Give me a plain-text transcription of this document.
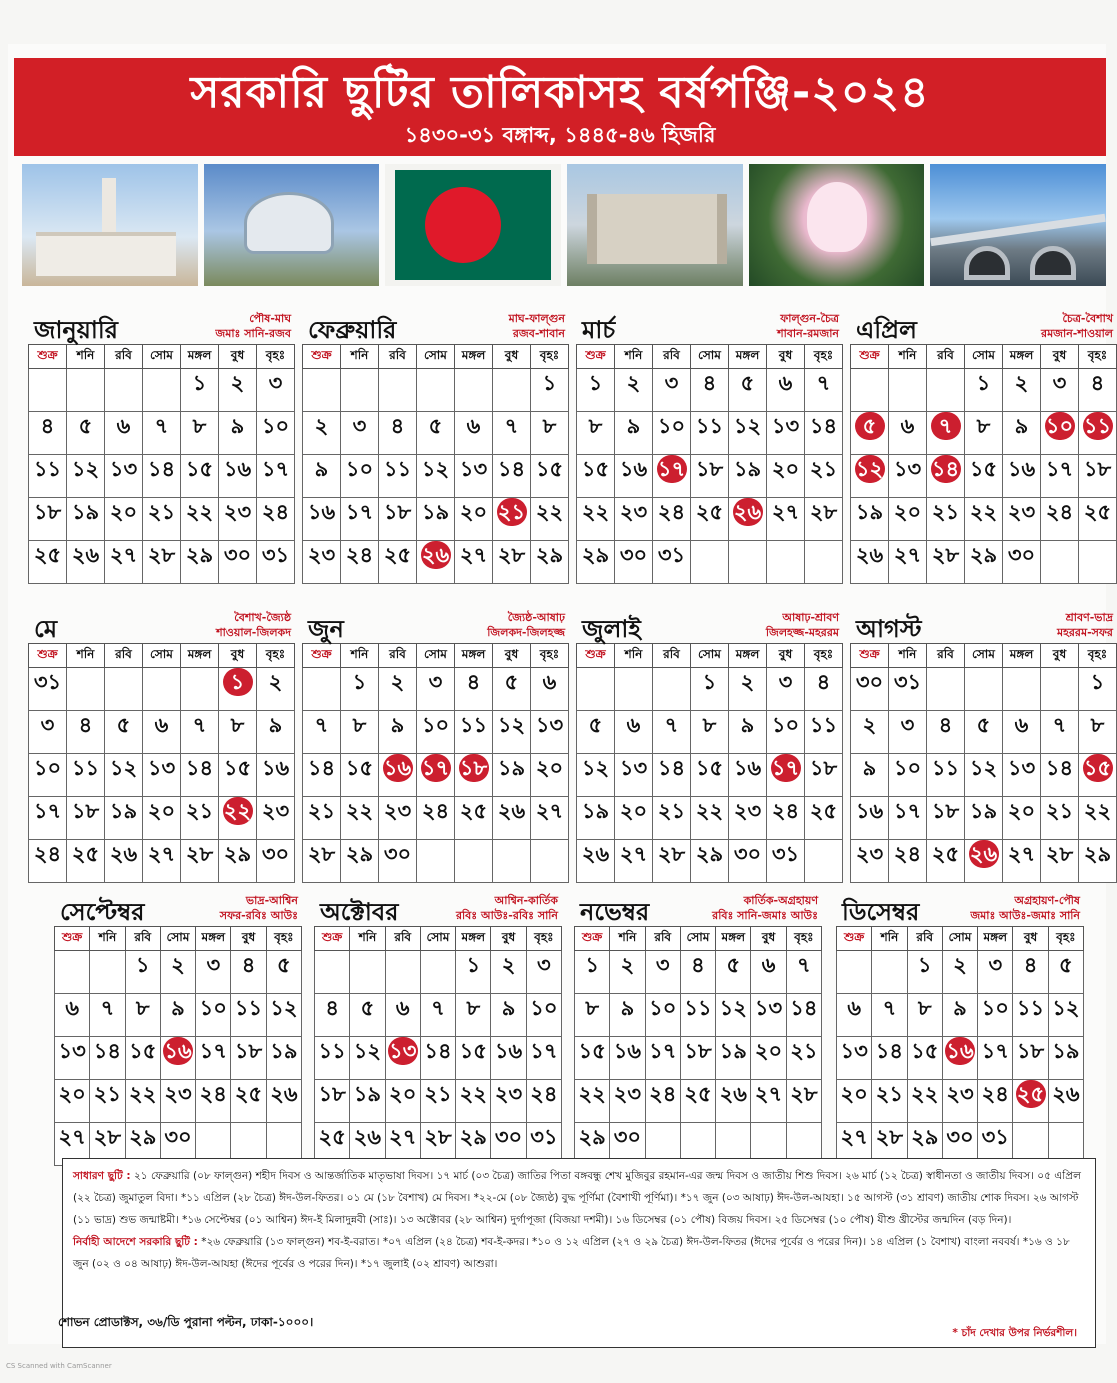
সরকারি ছুটির তালিকাসহ বর্ষপঞ্জি-২০২৪
১৪৩০-৩১ বঙ্গাব্দ, ১৪৪৫-৪৬ হিজরি
জানুয়ারি	পৌষ-মাঘ
জমাঃ সানি-রজব
শুক্র	শনি	রবি	সোম	মঙ্গল	বুধ	বৃহঃ

				১	২	৩

৪	৫	৬	৭	৮	৯	১০

১১	১২	১৩	১৪	১৫	১৬	১৭

১৮	১৯	২০	২১	২২	২৩	২৪

২৫	২৬	২৭	২৮	২৯	৩০	৩১
ফেব্রুয়ারি	মাঘ-ফাল্গুন
রজব-শাবান
শুক্র	শনি	রবি	সোম	মঙ্গল	বুধ	বৃহঃ

						১

২	৩	৪	৫	৬	৭	৮

৯	১০	১১	১২	১৩	১৪	১৫

১৬	১৭	১৮	১৯	২০	২১	২২

২৩	২৪	২৫	২৬	২৭	২৮	২৯
মার্চ	ফাল্গুন-চৈত্র
শাবান-রমজান
শুক্র	শনি	রবি	সোম	মঙ্গল	বুধ	বৃহঃ

১	২	৩	৪	৫	৬	৭

৮	৯	১০	১১	১২	১৩	১৪

১৫	১৬	১৭	১৮	১৯	২০	২১

২২	২৩	২৪	২৫	২৬	২৭	২৮

২৯	৩০	৩১				

এপ্রিল	চৈত্র-বৈশাখ
রমজান-শাওয়াল
শুক্র	শনি	রবি	সোম	মঙ্গল	বুধ	বৃহঃ

			১	২	৩	৪

৫	৬	৭	৮	৯	১০	১১

১২	১৩	১৪	১৫	১৬	১৭	১৮

১৯	২০	২১	২২	২৩	২৪	২৫

২৬	২৭	২৮	২৯	৩০		

মে	বৈশাখ-জ্যৈষ্ঠ
শাওয়াল-জিলকদ
শুক্র	শনি	রবি	সোম	মঙ্গল	বুধ	বৃহঃ

৩১					১	২

৩	৪	৫	৬	৭	৮	৯

১০	১১	১২	১৩	১৪	১৫	১৬

১৭	১৮	১৯	২০	২১	২২	২৩

২৪	২৫	২৬	২৭	২৮	২৯	৩০
জুন	জ্যৈষ্ঠ-আষাঢ়
জিলকদ-জিলহজ্জ
শুক্র	শনি	রবি	সোম	মঙ্গল	বুধ	বৃহঃ

	১	২	৩	৪	৫	৬

৭	৮	৯	১০	১১	১২	১৩

১৪	১৫	১৬	১৭	১৮	১৯	২০

২১	২২	২৩	২৪	২৫	২৬	২৭

২৮	২৯	৩০				

জুলাই	আষাঢ়-শ্রাবণ
জিলহজ্জ-মহররম
শুক্র	শনি	রবি	সোম	মঙ্গল	বুধ	বৃহঃ

			১	২	৩	৪

৫	৬	৭	৮	৯	১০	১১

১২	১৩	১৪	১৫	১৬	১৭	১৮

১৯	২০	২১	২২	২৩	২৪	২৫

২৬	২৭	২৮	২৯	৩০	৩১	

আগস্ট	শ্রাবণ-ভাদ্র
মহররম-সফর
শুক্র	শনি	রবি	সোম	মঙ্গল	বুধ	বৃহঃ

৩০	৩১					১

২	৩	৪	৫	৬	৭	৮

৯	১০	১১	১২	১৩	১৪	১৫

১৬	১৭	১৮	১৯	২০	২১	২২

২৩	২৪	২৫	২৬	২৭	২৮	২৯
সেপ্টেম্বর	ভাদ্র-আশ্বিন
সফর-রবিঃ আউঃ
শুক্র	শনি	রবি	সোম	মঙ্গল	বুধ	বৃহঃ

		১	২	৩	৪	৫

৬	৭	৮	৯	১০	১১	১২

১৩	১৪	১৫	১৬	১৭	১৮	১৯

২০	২১	২২	২৩	২৪	২৫	২৬

২৭	২৮	২৯	৩০			

অক্টোবর	আশ্বিন-কার্তিক
রবিঃ আউঃ-রবিঃ সানি
শুক্র	শনি	রবি	সোম	মঙ্গল	বুধ	বৃহঃ

				১	২	৩

৪	৫	৬	৭	৮	৯	১০

১১	১২	১৩	১৪	১৫	১৬	১৭

১৮	১৯	২০	২১	২২	২৩	২৪

২৫	২৬	২৭	২৮	২৯	৩০	৩১
নভেম্বর	কার্তিক-অগ্রহায়ণ
রবিঃ সানি-জমাঃ আউঃ
শুক্র	শনি	রবি	সোম	মঙ্গল	বুধ	বৃহঃ

১	২	৩	৪	৫	৬	৭

৮	৯	১০	১১	১২	১৩	১৪

১৫	১৬	১৭	১৮	১৯	২০	২১

২২	২৩	২৪	২৫	২৬	২৭	২৮

২৯	৩০					

ডিসেম্বর	অগ্রহায়ণ-পৌষ
জমাঃ আউঃ-জমাঃ সানি
শুক্র	শনি	রবি	সোম	মঙ্গল	বুধ	বৃহঃ

		১	২	৩	৪	৫

৬	৭	৮	৯	১০	১১	১২

১৩	১৪	১৫	১৬	১৭	১৮	১৯

২০	২১	২২	২৩	২৪	২৫	২৬

২৭	২৮	২৯	৩০	৩১		

সাধারণ ছুটি : ২১ ফেব্রুয়ারি (০৮ ফাল্গুন) শহীদ দিবস ও আন্তর্জাতিক মাতৃভাষা দিবস। ১৭ মার্চ (০৩ চৈত্র) জাতির পিতা বঙ্গবন্ধু শেখ মুজিবুর রহমান-এর জন্ম দিবস ও জাতীয় শিশু দিবস। ২৬ মার্চ (১২ চৈত্র) স্বাধীনতা ও জাতীয় দিবস। ০৫ এপ্রিল (২২ চৈত্র) জুমাতুল বিদা। *১১ এপ্রিল (২৮ চৈত্র) ঈদ-উল-ফিতর। ০১ মে (১৮ বৈশাখ) মে দিবস। *২২-মে (০৮ জ্যৈষ্ঠ) বুদ্ধ পূর্ণিমা (বৈশাখী পূর্ণিমা)। *১৭ জুন (০৩ আষাঢ়) ঈদ-উল-আযহা। ১৫ আগস্ট (৩১ শ্রাবণ) জাতীয় শোক দিবস। ২৬ আগস্ট (১১ ভাদ্র) শুভ জন্মাষ্টমী। *১৬ সেপ্টেম্বর (০১ আশ্বিন) ঈদ-ই মিলাদুন্নবী (সাঃ)। ১৩ অক্টোবর (২৮ আশ্বিন) দুর্গাপূজা (বিজয়া দশমী)। ১৬ ডিসেম্বর (০১ পৌষ) বিজয় দিবস। ২৫ ডিসেম্বর (১০ পৌষ) যীশু খ্রীস্টের জন্মদিন (বড় দিন)।

নির্বাহী আদেশে সরকারি ছুটি : *২৬ ফেব্রুয়ারি (১৩ ফাল্গুন) শব-ই-বরাত। *০৭ এপ্রিল (২৪ চৈত্র) শব-ই-কদর। *১০ ও ১২ এপ্রিল (২৭ ও ২৯ চৈত্র) ঈদ-উল-ফিতর (ঈদের পূর্বের ও পরের দিন)। ১৪ এপ্রিল (১ বৈশাখ) বাংলা নববর্ষ। *১৬ ও ১৮ জুন (০২ ও ০৪ আষাঢ়) ঈদ-উল-আযহা (ঈদের পূর্বের ও পরের দিন)। *১৭ জুলাই (০২ শ্রাবণ) আশুরা।

* চাঁদ দেখার উপর নির্ভরশীল।
শোভন প্রোডাক্টস, ৩৬/ডি পুরানা পল্টন, ঢাকা-১০০০।
CS Scanned with CamScanner
